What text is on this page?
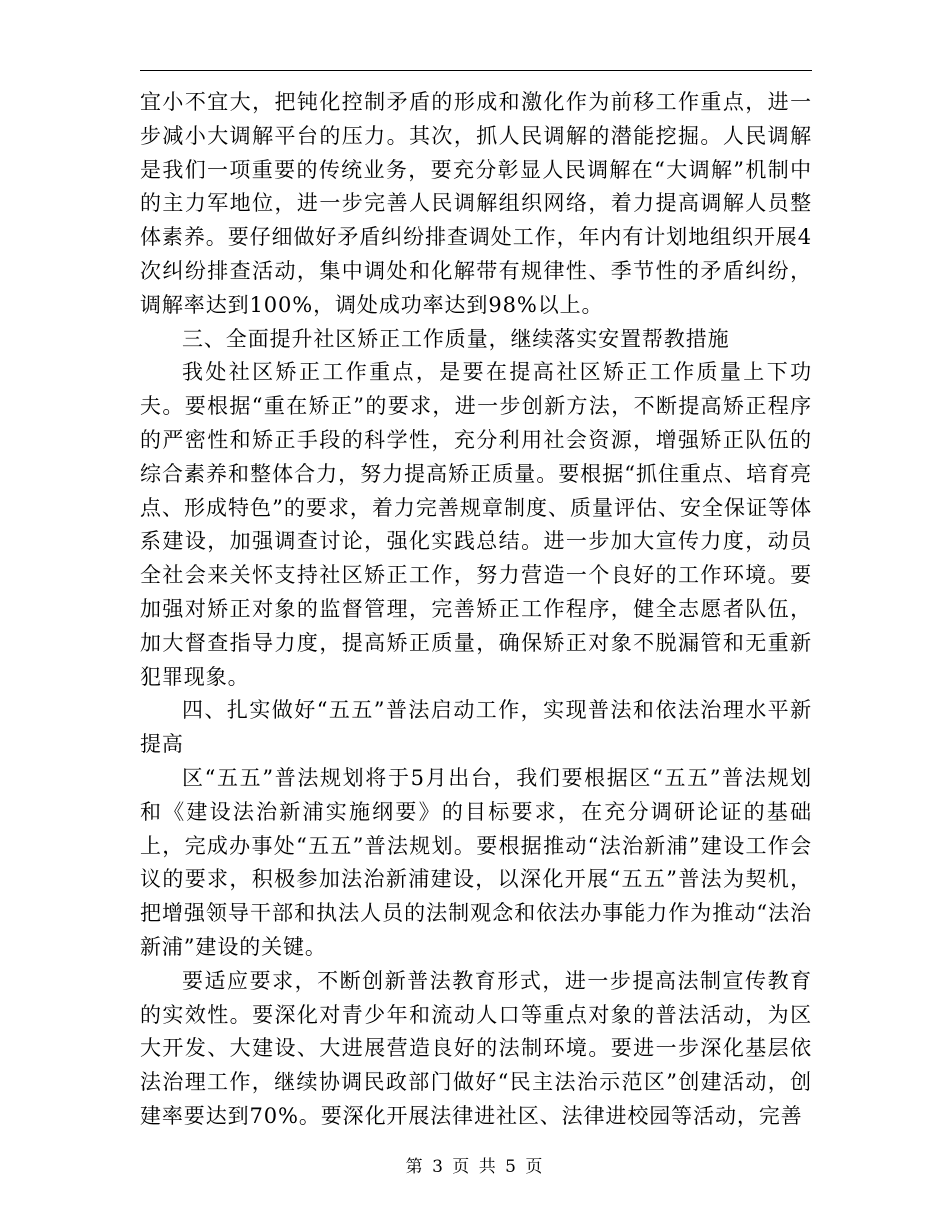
宜小不宜大，把钝化控制矛盾的形成和激化作为前移工作重点，进一步减小大调解平台的压力。其次，抓人民调解的潜能挖掘。人民调解是我们一项重要的传统业务，要充分彰显人民调解在“大调解”机制中的主力军地位，进一步完善人民调解组织网络，着力提高调解人员整体素养。要仔细做好矛盾纠纷排查调处工作，年内有计划地组织开展4次纠纷排查活动，集中调处和化解带有规律性、季节性的矛盾纠纷，调解率达到100%，调处成功率达到98%以上。

三、全面提升社区矫正工作质量，继续落实安置帮教措施

我处社区矫正工作重点，是要在提高社区矫正工作质量上下功夫。要根据“重在矫正”的要求，进一步创新方法，不断提高矫正程序的严密性和矫正手段的科学性，充分利用社会资源，增强矫正队伍的综合素养和整体合力，努力提高矫正质量。要根据“抓住重点、培育亮点、形成特色”的要求，着力完善规章制度、质量评估、安全保证等体系建设，加强调查讨论，强化实践总结。进一步加大宣传力度，动员全社会来关怀支持社区矫正工作，努力营造一个良好的工作环境。要加强对矫正对象的监督管理，完善矫正工作程序，健全志愿者队伍，加大督查指导力度，提高矫正质量，确保矫正对象不脱漏管和无重新犯罪现象。

四、扎实做好“五五”普法启动工作，实现普法和依法治理水平新提高

区“五五”普法规划将于5月出台，我们要根据区“五五”普法规划和《建设法治新浦实施纲要》的目标要求，在充分调研论证的基础上，完成办事处“五五”普法规划。要根据推动“法治新浦”建设工作会议的要求，积极参加法治新浦建设，以深化开展“五五”普法为契机，把增强领导干部和执法人员的法制观念和依法办事能力作为推动“法治新浦”建设的关键。

要适应要求，不断创新普法教育形式，进一步提高法制宣传教育的实效性。要深化对青少年和流动人口等重点对象的普法活动，为区大开发、大建设、大进展营造良好的法制环境。要进一步深化基层依法治理工作，继续协调民政部门做好“民主法治示范区”创建活动，创建率要达到70%。要深化开展法律进社区、法律进校园等活动，完善

第 3 页 共 5 页
